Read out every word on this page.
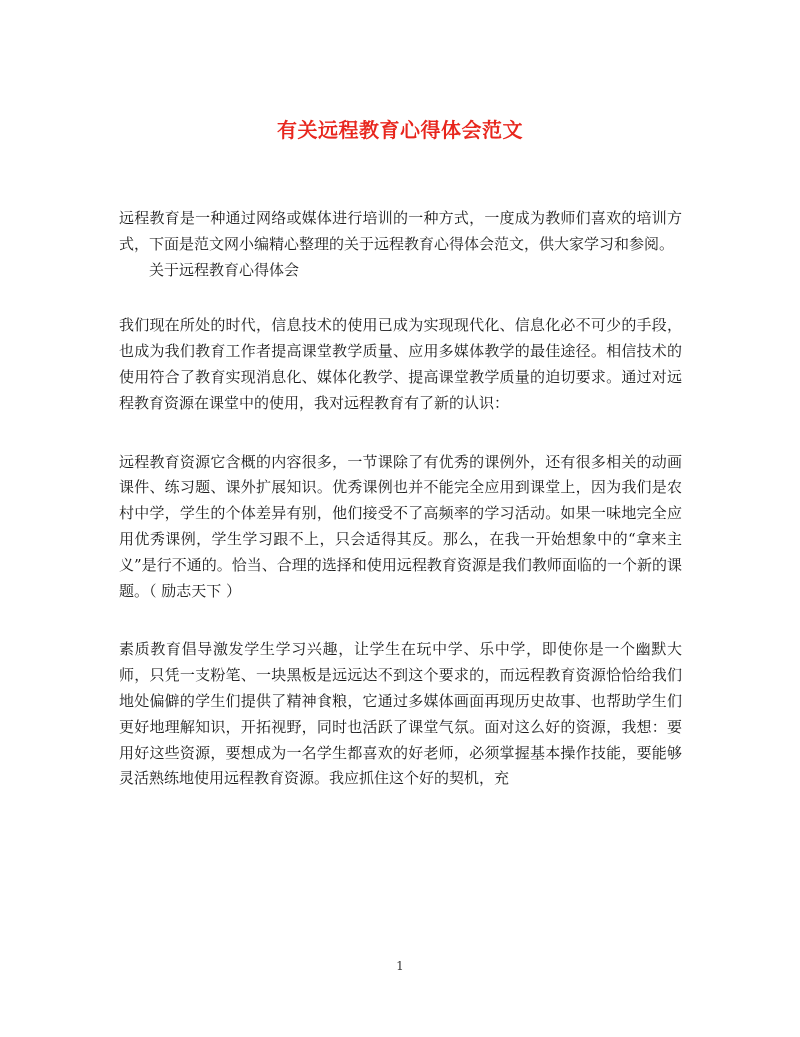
有关远程教育心得体会范文

远程教育是一种通过网络或媒体进行培训的一种方式，一度成为教师们喜欢的培训方式，下面是范文网小编精心整理的关于远程教育心得体会范文，供大家学习和参阅。

关于远程教育心得体会

我们现在所处的时代，信息技术的使用已成为实现现代化、信息化必不可少的手段，也成为我们教育工作者提高课堂教学质量、应用多媒体教学的最佳途径。相信技术的使用符合了教育实现消息化、媒体化教学、提高课堂教学质量的迫切要求。通过对远程教育资源在课堂中的使用，我对远程教育有了新的认识：

远程教育资源它含概的内容很多，一节课除了有优秀的课例外，还有很多相关的动画课件、练习题、课外扩展知识。优秀课例也并不能完全应用到课堂上，因为我们是农村中学，学生的个体差异有别，他们接受不了高频率的学习活动。如果一味地完全应用优秀课例，学生学习跟不上，只会适得其反。那么，在我一开始想象中的“拿来主义”是行不通的。恰当、合理的选择和使用远程教育资源是我们教师面临的一个新的课题。（ 励志天下 ）

素质教育倡导激发学生学习兴趣，让学生在玩中学、乐中学，即使你是一个幽默大师，只凭一支粉笔、一块黑板是远远达不到这个要求的，而远程教育资源恰恰给我们地处偏僻的学生们提供了精神食粮，它通过多媒体画面再现历史故事、也帮助学生们更好地理解知识，开拓视野，同时也活跃了课堂气氛。面对这么好的资源，我想：要用好这些资源，要想成为一名学生都喜欢的好老师，必须掌握基本操作技能，要能够灵活熟练地使用远程教育资源。我应抓住这个好的契机，充

1
